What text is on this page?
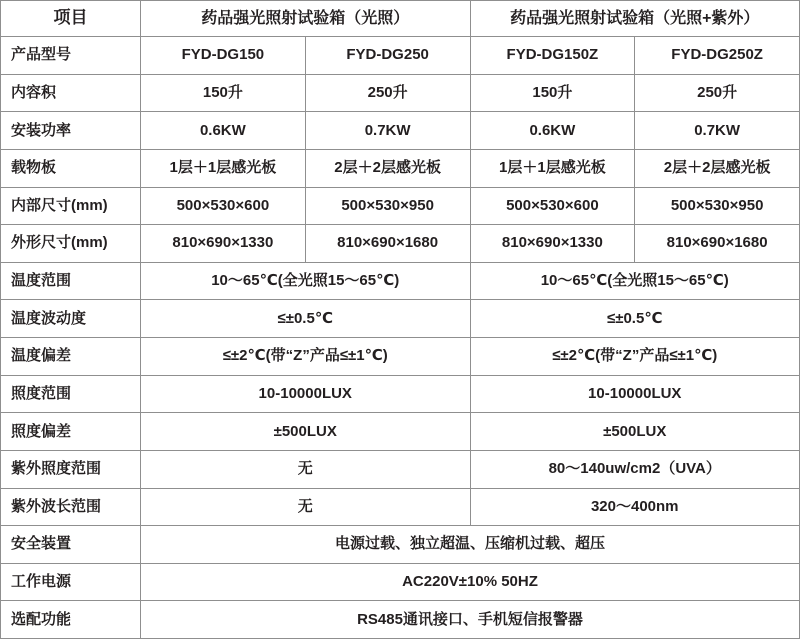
项目	药品强光照射试验箱（光照）		药品强光照射试验箱（光照+紫外）	
产品型号	FYD-DG150	FYD-DG250	FYD-DG150Z	FYD-DG250Z
内容积	150升	250升	150升	250升
安装功率	0.6KW	0.7KW	0.6KW	0.7KW
载物板	1层＋1层感光板	2层＋2层感光板	1层＋1层感光板	2层＋2层感光板
内部尺寸(mm)	500×530×600	500×530×950	500×530×600	500×530×950
外形尺寸(mm)	810×690×1330	810×690×1680	810×690×1330	810×690×1680
温度范围	10～65℃(全光照15～65℃)		10～65℃(全光照15～65℃)	
温度波动度	≤±0.5℃		≤±0.5℃	
温度偏差	≤±2℃(带“Z”产品≤±1℃)		≤±2℃(带“Z”产品≤±1℃)	
照度范围	10-10000LUX		10-10000LUX	
照度偏差	±500LUX		±500LUX	
紫外照度范围	无		80～140uw/cm2（UVA）	
紫外波长范围	无		320～400nm	
安全装置	电源过载、独立超温、压缩机过载、超压			
工作电源	AC220V±10% 50HZ			
选配功能	RS485通讯接口、手机短信报警器			
